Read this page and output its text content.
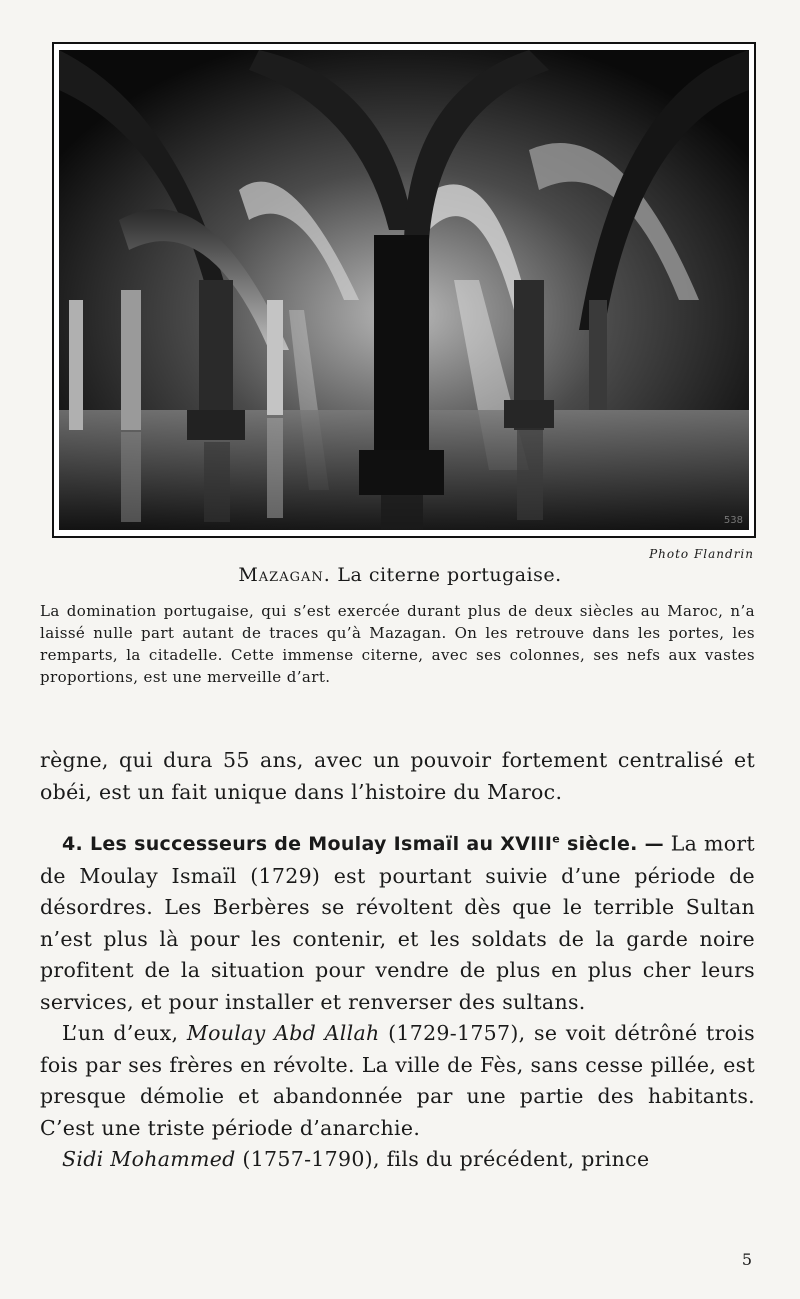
538
Photo Flandrin
Mazagan. La citerne portugaise.
La domination portugaise, qui s’est exercée durant plus de deux siècles au Maroc, n’a laissé nulle part autant de traces qu’à Mazagan. On les retrouve dans les portes, les remparts, la citadelle. Cette immense citerne, avec ses colonnes, ses nefs aux vastes proportions, est une merveille d’art.

règne, qui dura 55 ans, avec un pouvoir fortement centralisé et obéi, est un fait unique dans l’histoire du Maroc.

4. Les successeurs de Moulay Ismaïl au XVIIIe siècle. — La mort de Moulay Ismaïl (1729) est pourtant suivie d’une période de désordres. Les Berbères se révoltent dès que le terrible Sultan n’est plus là pour les contenir, et les soldats de la garde noire profitent de la situation pour vendre de plus en plus cher leurs services, et pour installer et renverser des sultans.

L’un d’eux, Moulay Abd Allah (1729-1757), se voit détrôné trois fois par ses frères en révolte. La ville de Fès, sans cesse pillée, est presque démolie et abandonnée par une partie des habitants. C’est une triste période d’anarchie.

Sidi Mohammed (1757-1790), fils du précédent, prince

5
